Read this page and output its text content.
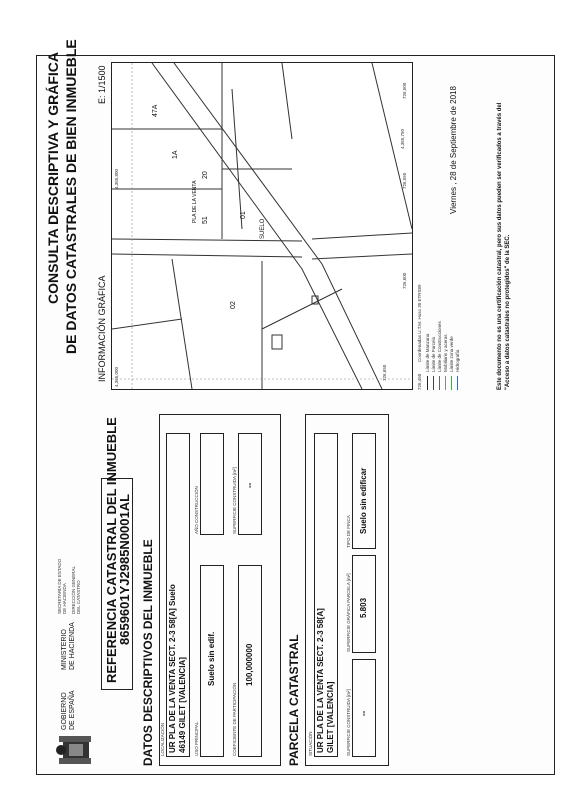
GOBIERNO DE ESPAÑA
MINISTERIO DE HACIENDA
SECRETARÍA DE ESTADO DE HACIENDA DIRECCIÓN GENERAL DEL CATASTRO REFERENCIA CATASTRAL DEL INMUEBLE
8659601YJ2985N0001AL DATOS DESCRIPTIVOS DEL INMUEBLE LOCALIZACIÓN UR PLA DE LA VENTA SECT. 2-3 58[A] Suelo 46149 GILET [VALENCIA] USO PRINCIPAL
Suelo sin edif.
AÑO CONSTRUCCIÓN
COEFICIENTE DE PARTICIPACIÓN
100,000000
SUPERFICIE CONSTRUIDA [m²] --
PARCELA CATASTRAL SITUACIÓN UR PLA DE LA VENTA SECT. 2-3 58[A] GILET [VALENCIA] SUPERFICIE CONSTRUIDA [m²] --
SUPERFICIE GRÁFICA PARCELA [m²] 5.803
TIPO DE FINCA Suelo sin edificar
CONSULTA DESCRIPTIVA Y GRÁFICA DE DATOS CATASTRALES DE BIEN INMUEBLE INFORMACIÓN GRÁFICA
E: 1/1500
4,365,000
4,365,800
4,365,750
726,650
726,600
726,550
726,500
01
02
1A
47A
51
20
SUELO
PLA DE LA VENTA
726,450
Coordenadas U.T.M. Huso 30 ETRS89 Límite de Manzana Límite de Parcela Límite de Construcciones Mobiliario y aceras Límite zona verde Hidrografía
Viernes , 28 de Septiembre de 2018	Este documento no es una certificación catastral, pero sus datos pueden ser verificados a través del "Acceso a datos catastrales no protegidos" de la SEC.
